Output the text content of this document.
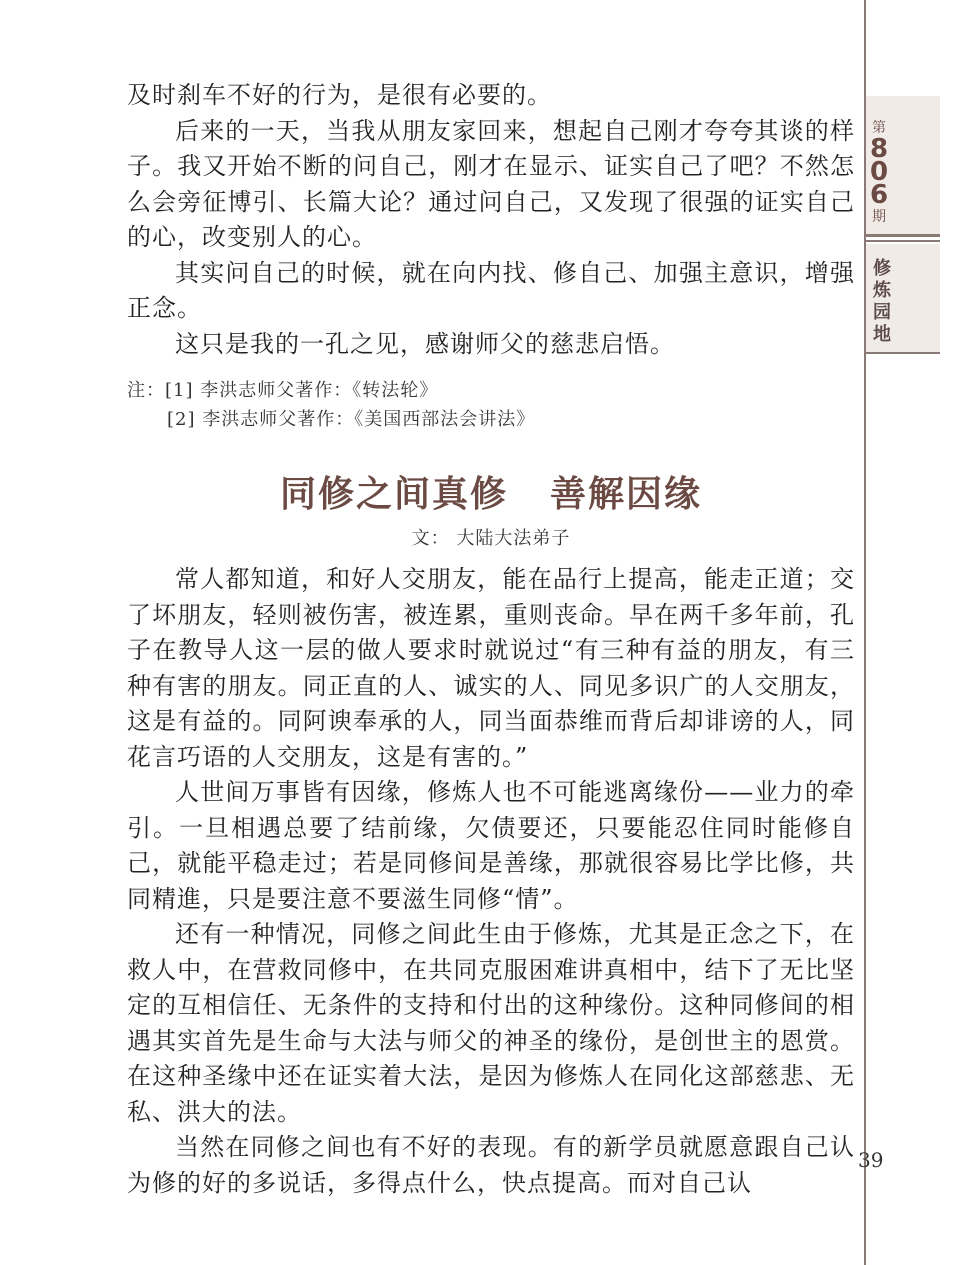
第
8
0
6
期
修
炼
园
地

及时刹车不好的行为，是很有必要的。

后来的一天，当我从朋友家回来，想起自己刚才夸夸其谈的样子。我又开始不断的问自己，刚才在显示、证实自己了吧？不然怎么会旁征博引、长篇大论？通过问自己，又发现了很强的证实自己的心，改变别人的心。

其实问自己的时候，就在向内找、修自己、加强主意识，增强正念。

这只是我的一孔之见，感谢师父的慈悲启悟。

注：[1] 李洪志师父著作：《转法轮》
[2] 李洪志师父著作：《美国西部法会讲法》
同修之间真修 善解因缘
文： 大陆大法弟子

常人都知道，和好人交朋友，能在品行上提高，能走正道；交了坏朋友，轻则被伤害，被连累，重则丧命。早在两千多年前，孔子在教导人这一层的做人要求时就说过“有三种有益的朋友，有三种有害的朋友。同正直的人、诚实的人、同见多识广的人交朋友，这是有益的。同阿谀奉承的人，同当面恭维而背后却诽谤的人，同花言巧语的人交朋友，这是有害的。”

人世间万事皆有因缘，修炼人也不可能逃离缘份——业力的牵引。一旦相遇总要了结前缘，欠债要还，只要能忍住同时能修自己，就能平稳走过；若是同修间是善缘，那就很容易比学比修，共同精進，只是要注意不要滋生同修“情”。

还有一种情况，同修之间此生由于修炼，尤其是正念之下，在救人中，在营救同修中，在共同克服困难讲真相中，结下了无比坚定的互相信任、无条件的支持和付出的这种缘份。这种同修间的相遇其实首先是生命与大法与师父的神圣的缘份，是创世主的恩赏。在这种圣缘中还在证实着大法，是因为修炼人在同化这部慈悲、无私、洪大的法。

当然在同修之间也有不好的表现。有的新学员就愿意跟自己认为修的好的多说话，多得点什么，快点提高。而对自己认

39
